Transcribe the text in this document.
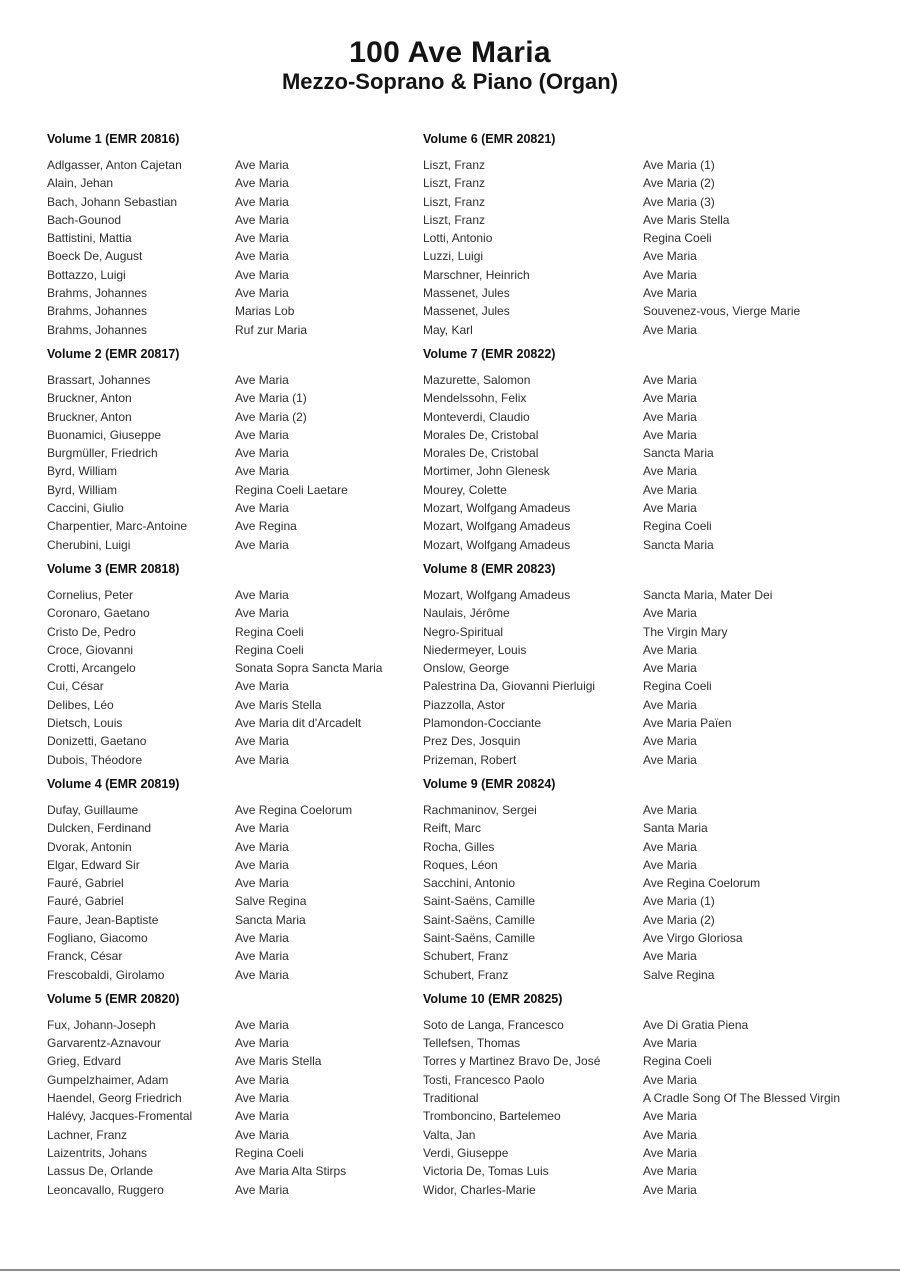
100 Ave Maria
Mezzo-Soprano & Piano (Organ)
Volume 1 (EMR 20816)
Adlgasser, Anton Cajetan	Ave Maria
Alain, Jehan	Ave Maria
Bach, Johann Sebastian	Ave Maria
Bach-Gounod	Ave Maria
Battistini, Mattia	Ave Maria
Boeck De, August	Ave Maria
Bottazzo, Luigi	Ave Maria
Brahms, Johannes	Ave Maria
Brahms, Johannes	Marias Lob
Brahms, Johannes	Ruf zur Maria
Volume 2 (EMR 20817)
Brassart, Johannes	Ave Maria
Bruckner, Anton	Ave Maria (1)
Bruckner, Anton	Ave Maria (2)
Buonamici, Giuseppe	Ave Maria
Burgmüller, Friedrich	Ave Maria
Byrd, William	Ave Maria
Byrd, William	Regina Coeli Laetare
Caccini, Giulio	Ave Maria
Charpentier, Marc-Antoine	Ave Regina
Cherubini, Luigi	Ave Maria
Volume 3 (EMR 20818)
Cornelius, Peter	Ave Maria
Coronaro, Gaetano	Ave Maria
Cristo De, Pedro	Regina Coeli
Croce, Giovanni	Regina Coeli
Crotti, Arcangelo	Sonata Sopra Sancta Maria
Cui, César	Ave Maria
Delibes, Léo	Ave Maris Stella
Dietsch, Louis	Ave Maria dit d'Arcadelt
Donizetti, Gaetano	Ave Maria
Dubois, Théodore	Ave Maria
Volume 4 (EMR 20819)
Dufay, Guillaume	Ave Regina Coelorum
Dulcken, Ferdinand	Ave Maria
Dvorak, Antonin	Ave Maria
Elgar, Edward Sir	Ave Maria
Fauré, Gabriel	Ave Maria
Fauré, Gabriel	Salve Regina
Faure, Jean-Baptiste	Sancta Maria
Fogliano, Giacomo	Ave Maria
Franck, César	Ave Maria
Frescobaldi, Girolamo	Ave Maria
Volume 5 (EMR 20820)
Fux, Johann-Joseph	Ave Maria
Garvarentz-Aznavour	Ave Maria
Grieg, Edvard	Ave Maris Stella
Gumpelzhaimer, Adam	Ave Maria
Haendel, Georg Friedrich	Ave Maria
Halévy, Jacques-Fromental	Ave Maria
Lachner, Franz	Ave Maria
Laizentrits, Johans	Regina Coeli
Lassus De, Orlande	Ave Maria Alta Stirps
Leoncavallo, Ruggero	Ave Maria
Volume 6 (EMR 20821)
Liszt, Franz	Ave Maria (1)
Liszt, Franz	Ave Maria (2)
Liszt, Franz	Ave Maria (3)
Liszt, Franz	Ave Maris Stella
Lotti, Antonio	Regina Coeli
Luzzi, Luigi	Ave Maria
Marschner, Heinrich	Ave Maria
Massenet, Jules	Ave Maria
Massenet, Jules	Souvenez-vous, Vierge Marie
May, Karl	Ave Maria
Volume 7 (EMR 20822)
Mazurette, Salomon	Ave Maria
Mendelssohn, Felix	Ave Maria
Monteverdi, Claudio	Ave Maria
Morales De, Cristobal	Ave Maria
Morales De, Cristobal	Sancta Maria
Mortimer, John Glenesk	Ave Maria
Mourey, Colette	Ave Maria
Mozart, Wolfgang Amadeus	Ave Maria
Mozart, Wolfgang Amadeus	Regina Coeli
Mozart, Wolfgang Amadeus	Sancta Maria
Volume 8 (EMR 20823)
Mozart, Wolfgang Amadeus	Sancta Maria, Mater Dei
Naulais, Jérôme	Ave Maria
Negro-Spiritual	The Virgin Mary
Niedermeyer, Louis	Ave Maria
Onslow, George	Ave Maria
Palestrina Da, Giovanni Pierluigi	Regina Coeli
Piazzolla, Astor	Ave Maria
Plamondon-Cocciante	Ave Maria Païen
Prez Des, Josquin	Ave Maria
Prizeman, Robert	Ave Maria
Volume 9 (EMR 20824)
Rachmaninov, Sergei	Ave Maria
Reift, Marc	Santa Maria
Rocha, Gilles	Ave Maria
Roques, Léon	Ave Maria
Sacchini, Antonio	Ave Regina Coelorum
Saint-Saëns, Camille	Ave Maria (1)
Saint-Saëns, Camille	Ave Maria (2)
Saint-Saëns, Camille	Ave Virgo Gloriosa
Schubert, Franz	Ave Maria
Schubert, Franz	Salve Regina
Volume 10 (EMR 20825)
Soto de Langa, Francesco	Ave Di Gratia Piena
Tellefsen, Thomas	Ave Maria
Torres y Martinez Bravo De, José	Regina Coeli
Tosti, Francesco Paolo	Ave Maria
Traditional	A Cradle Song Of The Blessed Virgin
Tromboncino, Bartelemeo	Ave Maria
Valta, Jan	Ave Maria
Verdi, Giuseppe	Ave Maria
Victoria De, Tomas Luis	Ave Maria
Widor, Charles-Marie	Ave Maria
